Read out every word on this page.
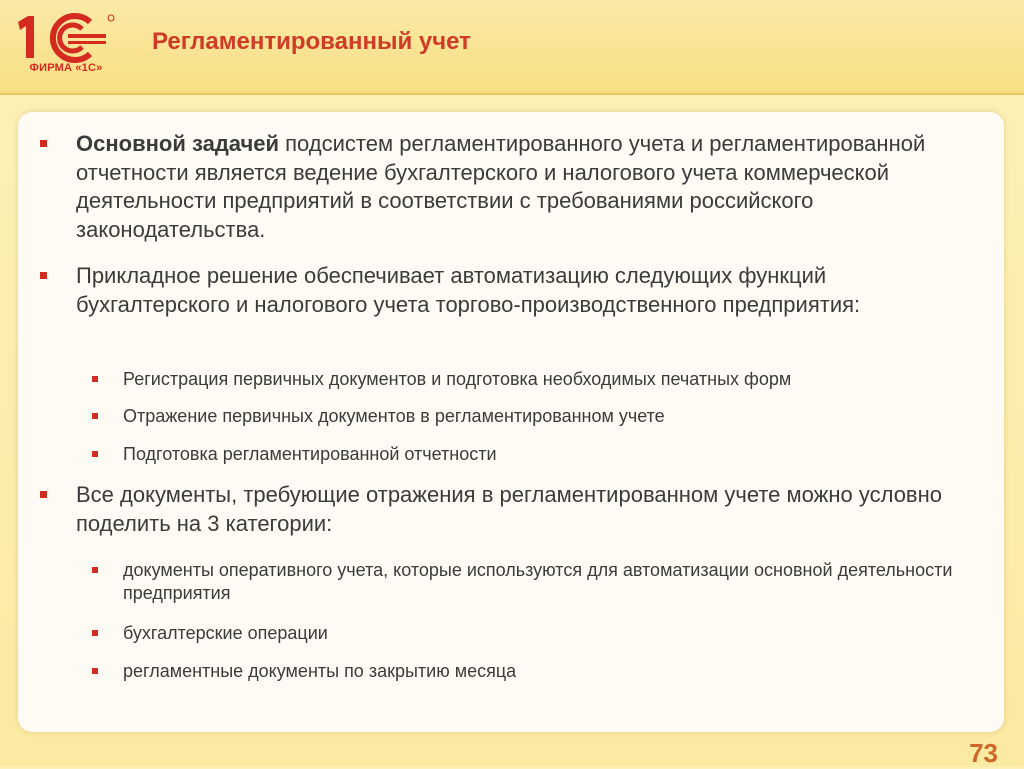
ФИРМА «1С»
Регламентированный учет
Основной задачей подсистем регламентированного учета и регламентированной отчетности является ведение бухгалтерского и налогового учета коммерческой деятельности предприятий в соответствии с требованиями российского законодательства.
Прикладное решение обеспечивает автоматизацию следующих функций бухгалтерского и налогового учета торгово-производственного предприятия:
Регистрация первичных документов и подготовка необходимых печатных форм
Отражение первичных документов в регламентированном учете
Подготовка регламентированной отчетности
Все документы, требующие отражения в регламентированном учете можно условно поделить на 3 категории:
документы оперативного учета, которые используются для автоматизации основной деятельности предприятия
бухгалтерские операции
регламентные документы по закрытию месяца
73
